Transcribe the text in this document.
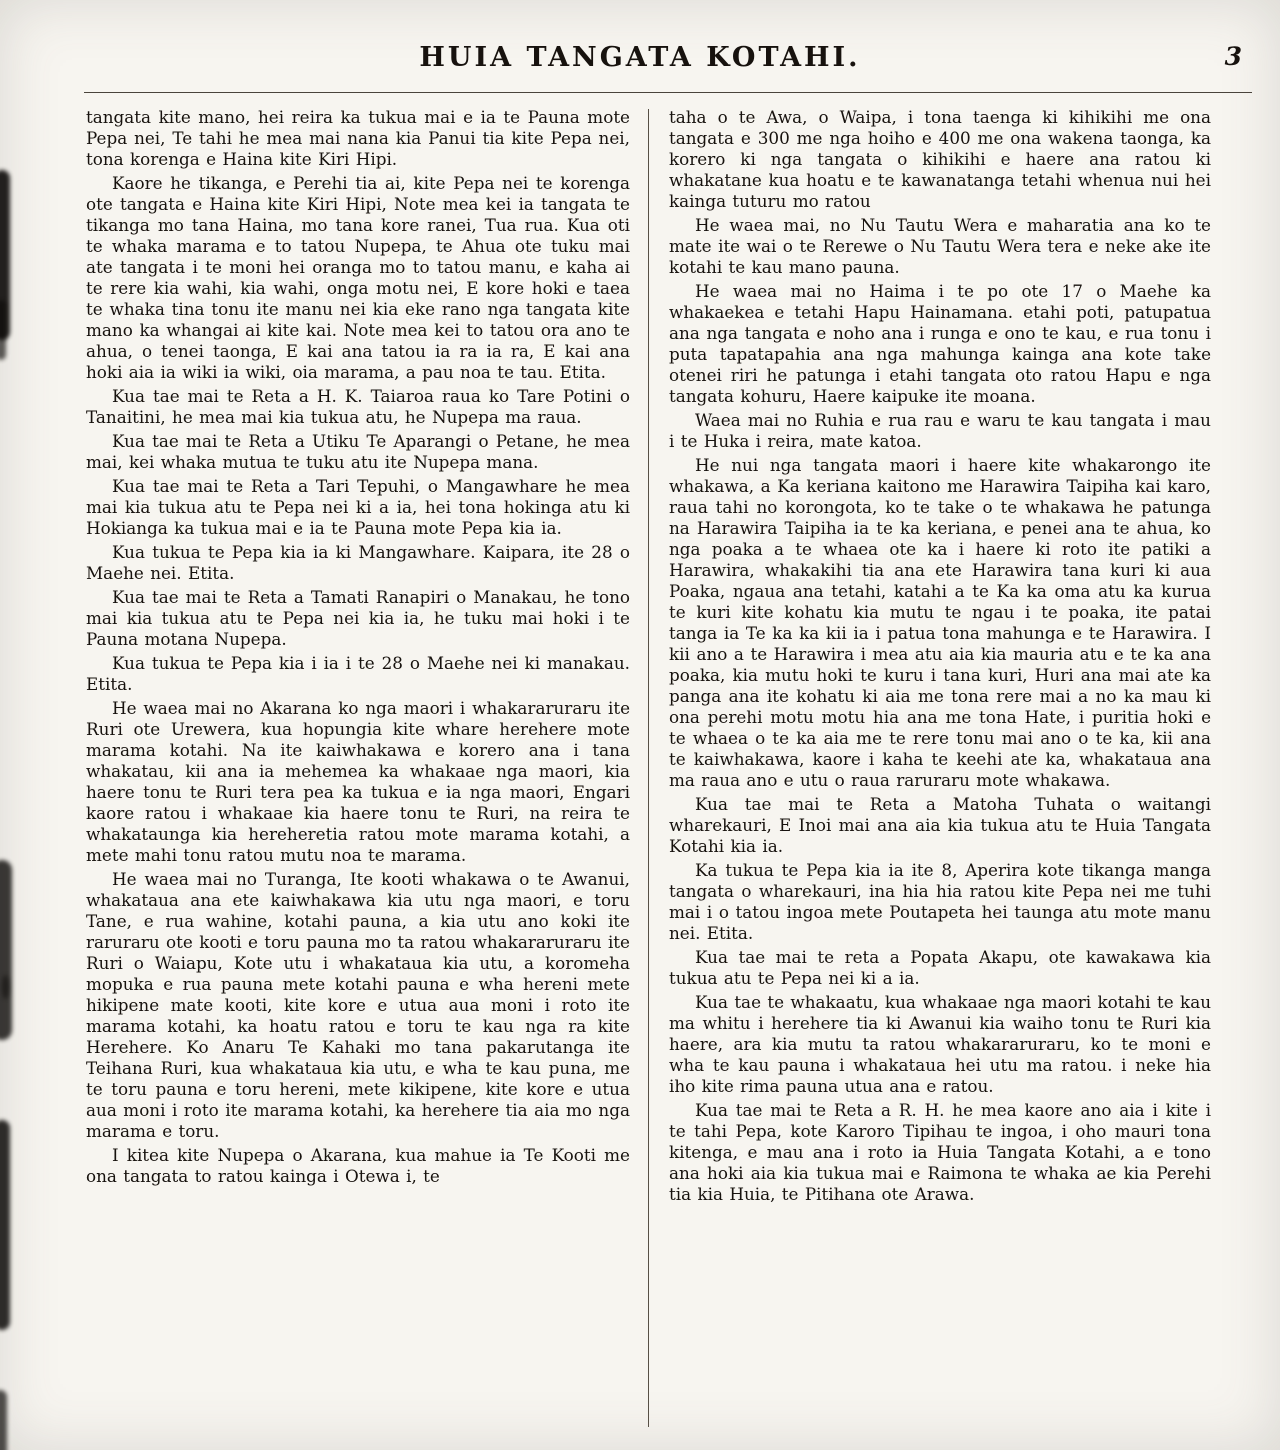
HUIA TANGATA KOTAHI.	3

tangata kite mano, hei reira ka tukua mai e ia te Pauna mote Pepa nei, Te tahi he mea mai nana kia Panui tia kite Pepa nei, tona korenga e Haina kite Kiri Hipi.

Kaore he tikanga, e Perehi tia ai, kite Pepa nei te korenga ote tangata e Haina kite Kiri Hipi, Note mea kei ia tangata te tikanga mo tana Haina, mo tana kore ranei, Tua rua. Kua oti te whaka marama e to tatou Nupepa, te Ahua ote tuku mai ate tangata i te moni hei oranga mo to tatou manu, e kaha ai te rere kia wahi, kia wahi, onga motu nei, E kore hoki e taea te whaka tina tonu ite manu nei kia eke rano nga tangata kite mano ka whangai ai kite kai. Note mea kei to tatou ora ano te ahua, o tenei taonga, E kai ana tatou ia ra ia ra, E kai ana hoki aia ia wiki ia wiki, oia marama, a pau noa te tau. Etita.

Kua tae mai te Reta a H. K. Taiaroa raua ko Tare Potini o Tanaitini, he mea mai kia tukua atu, he Nupepa ma raua.

Kua tae mai te Reta a Utiku Te Aparangi o Petane, he mea mai, kei whaka mutua te tuku atu ite Nupepa mana.

Kua tae mai te Reta a Tari Tepuhi, o Mangawhare he mea mai kia tukua atu te Pepa nei ki a ia, hei tona hokinga atu ki Hokianga ka tukua mai e ia te Pauna mote Pepa kia ia.

Kua tukua te Pepa kia ia ki Mangawhare. Kaipara, ite 28 o Maehe nei. Etita.

Kua tae mai te Reta a Tamati Ranapiri o Manakau, he tono mai kia tukua atu te Pepa nei kia ia, he tuku mai hoki i te Pauna motana Nupepa.

Kua tukua te Pepa kia i ia i te 28 o Maehe nei ki manakau. Etita.

He waea mai no Akarana ko nga maori i whakararuraru ite Ruri ote Urewera, kua hopungia kite whare herehere mote marama kotahi. Na ite kaiwhakawa e korero ana i tana whakatau, kii ana ia mehemea ka whakaae nga maori, kia haere tonu te Ruri tera pea ka tukua e ia nga maori, Engari kaore ratou i whakaae kia haere tonu te Ruri, na reira te whakataunga kia hereheretia ratou mote marama kotahi, a mete mahi tonu ratou mutu noa te marama.

He waea mai no Turanga, Ite kooti whakawa o te Awanui, whakataua ana ete kaiwhakawa kia utu nga maori, e toru Tane, e rua wahine, kotahi pauna, a kia utu ano koki ite raruraru ote kooti e toru pauna mo ta ratou whakararuraru ite Ruri o Waiapu, Kote utu i whakataua kia utu, a koromeha mopuka e rua pauna mete kotahi pauna e wha hereni mete hikipene mate kooti, kite kore e utua aua moni i roto ite marama kotahi, ka hoatu ratou e toru te kau nga ra kite Herehere. Ko Anaru Te Kahaki mo tana pakarutanga ite Teihana Ruri, kua whakataua kia utu, e wha te kau puna, me te toru pauna e toru hereni, mete kikipene, kite kore e utua aua moni i roto ite marama kotahi, ka herehere tia aia mo nga marama e toru.

I kitea kite Nupepa o Akarana, kua mahue ia Te Kooti me ona tangata to ratou kainga i Otewa i, te

taha o te Awa, o Waipa, i tona taenga ki kihikihi me ona tangata e 300 me nga hoiho e 400 me ona wakena taonga, ka korero ki nga tangata o kihikihi e haere ana ratou ki whakatane kua hoatu e te kawanatanga tetahi whenua nui hei kainga tuturu mo ratou

He waea mai, no Nu Tautu Wera e maharatia ana ko te mate ite wai o te Rerewe o Nu Tautu Wera tera e neke ake ite kotahi te kau mano pauna.

He waea mai no Haima i te po ote 17 o Maehe ka whakaekea e tetahi Hapu Hainamana. etahi poti, patupatua ana nga tangata e noho ana i runga e ono te kau, e rua tonu i puta tapatapahia ana nga mahunga kainga ana kote take otenei riri he patunga i etahi tangata oto ratou Hapu e nga tangata kohuru, Haere kaipuke ite moana.

Waea mai no Ruhia e rua rau e waru te kau tangata i mau i te Huka i reira, mate katoa.

He nui nga tangata maori i haere kite whakarongo ite whakawa, a Ka keriana kaitono me Harawira Taipiha kai karo, raua tahi no korongota, ko te take o te whakawa he patunga na Harawira Taipiha ia te ka keriana, e penei ana te ahua, ko nga poaka a te whaea ote ka i haere ki roto ite patiki a Harawira, whakakihi tia ana ete Harawira tana kuri ki aua Poaka, ngaua ana tetahi, katahi a te Ka ka oma atu ka kurua te kuri kite kohatu kia mutu te ngau i te poaka, ite patai tanga ia Te ka ka kii ia i patua tona mahunga e te Harawira. I kii ano a te Harawira i mea atu aia kia mauria atu e te ka ana poaka, kia mutu hoki te kuru i tana kuri, Huri ana mai ate ka panga ana ite kohatu ki aia me tona rere mai a no ka mau ki ona perehi motu motu hia ana me tona Hate, i puritia hoki e te whaea o te ka aia me te rere tonu mai ano o te ka, kii ana te kaiwhakawa, kaore i kaha te keehi ate ka, whakataua ana ma raua ano e utu o raua raruraru mote whakawa.

Kua tae mai te Reta a Matoha Tuhata o waitangi wharekauri, E Inoi mai ana aia kia tukua atu te Huia Tangata Kotahi kia ia.

Ka tukua te Pepa kia ia ite 8, Aperira kote tikanga manga tangata o wharekauri, ina hia hia ratou kite Pepa nei me tuhi mai i o tatou ingoa mete Poutapeta hei taunga atu mote manu nei. Etita.

Kua tae mai te reta a Popata Akapu, ote kawakawa kia tukua atu te Pepa nei ki a ia.

Kua tae te whakaatu, kua whakaae nga maori kotahi te kau ma whitu i herehere tia ki Awanui kia waiho tonu te Ruri kia haere, ara kia mutu ta ratou whakararuraru, ko te moni e wha te kau pauna i whakataua hei utu ma ratou. i neke hia iho kite rima pauna utua ana e ratou.

Kua tae mai te Reta a R. H. he mea kaore ano aia i kite i te tahi Pepa, kote Karoro Tipihau te ingoa, i oho mauri tona kitenga, e mau ana i roto ia Huia Tangata Kotahi, a e tono ana hoki aia kia tukua mai e Raimona te whaka ae kia Perehi tia kia Huia, te Pitihana ote Arawa.
